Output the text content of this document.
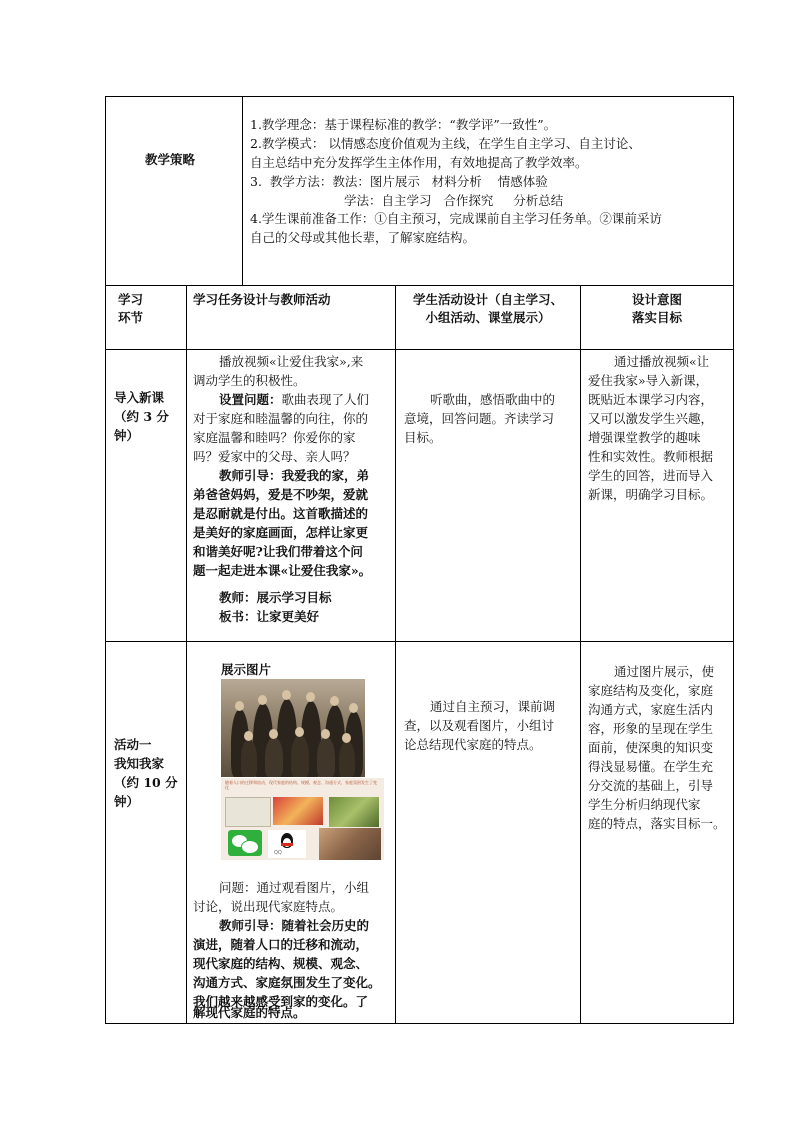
教学策略
1.教学理念：基于课程标准的教学：“教学评”一致性”。
2.教学模式： 以情感态度价值观为主线，在学生自主学习、自主讨论、
自主总结中充分发挥学生主体作用，有效地提高了教学效率。
3.  教学方法：教法：图片展示   材料分析    情感体验
学法：自主学习   合作探究     分析总结
4.学生课前准备工作：①自主预习，完成课前自主学习任务单。②课前采访
自己的父母或其他长辈，了解家庭结构。
学习
环节
学习任务设计与教师活动	学生活动设计（自主学习、
小组活动、课堂展示）
设计意图
落实目标
导入新课
（约 3 分
钟）
播放视频«让爱住我家»,来
调动学生的积极性。
设置问题：歌曲表现了人们
对于家庭和睦温馨的向往，你的
家庭温馨和睦吗？你爱你的家
吗？爱家中的父母、亲人吗？
教师引导：我爱我的家，弟
弟爸爸妈妈，爱是不吵架，爱就
是忍耐就是付出。这首歌描述的
是美好的家庭画面，怎样让家更
和谐美好呢?让我们带着这个问
题一起走进本课«让爱住我家»。
教师：展示学习目标
板书：让家更美好
听歌曲，感悟歌曲中的
意境，回答问题。齐读学习
目标。
通过播放视频«让
爱住我家»导入新课，
既贴近本课学习内容，
又可以激发学生兴趣，
增强课堂教学的趣味
性和实效性。教师根据
学生的回答，进而导入
新课，明确学习目标。
活动一
我知我家
（约 10 分
钟）
展示图片
随着人口的迁移和流动，现代家庭的结构、规模、观念、沟通方式、家庭氛围发生了变化
QQ
问题：通过观看图片，小组
讨论，说出现代家庭特点。
教师引导：随着社会历史的
演进，随着人口的迁移和流动，
现代家庭的结构、规模、观念、
沟通方式、家庭氛围发生了变化。
我们越来越感受到家的变化。了
解现代家庭的特点。
通过自主预习，课前调
查，以及观看图片，小组讨
论总结现代家庭的特点。
通过图片展示，使
家庭结构及变化，家庭
沟通方式，家庭生活内
容，形象的呈现在学生
面前，使深奥的知识变
得浅显易懂。在学生充
分交流的基础上，引导
学生分析归纳现代家
庭的特点，落实目标一。
